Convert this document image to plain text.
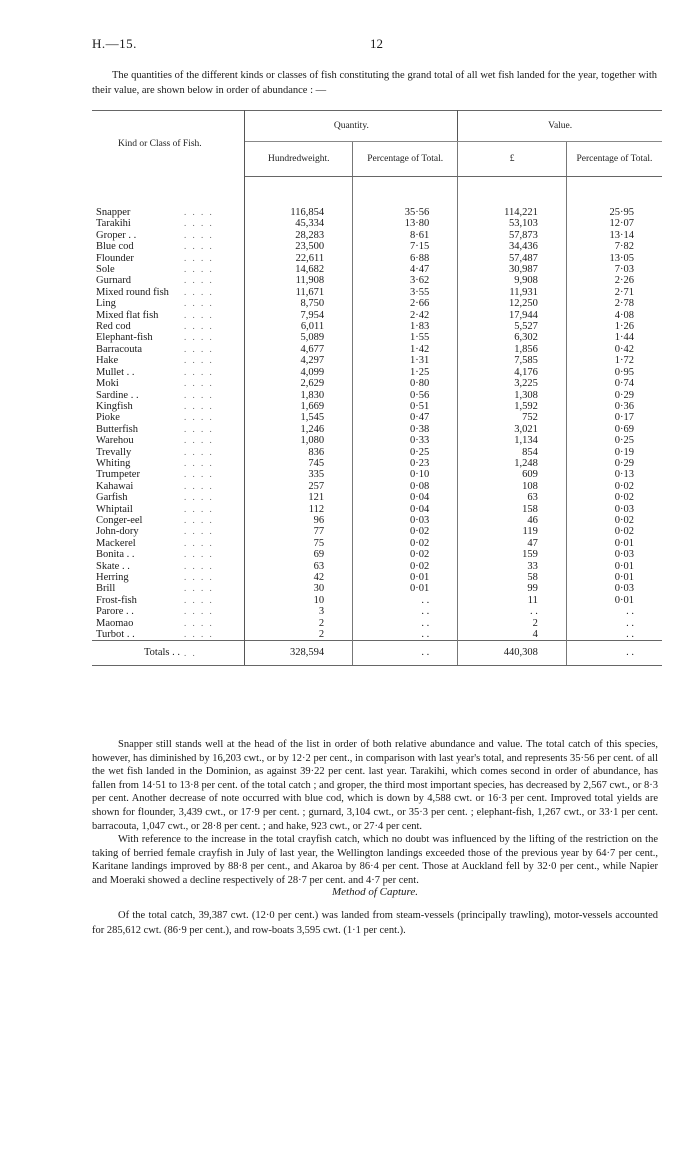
H.—15.	12

The quantities of the different kinds or classes of fish constituting the grand total of all wet fish landed for the year, together with their value, are shown below in order of abundance : —

Kind or Class of Fish.	Quantity.		Value.	
	Hundredweight.	Percentage of Total.	£	Percentage of Total.
Snapper . . . .	116,854	35·56	114,221	25·95
Tarakihi . . . .	45,334	13·80	53,103	12·07
Groper . . . . . .	28,283	8·61	57,873	13·14
Blue cod . . . .	23,500	7·15	34,436	7·82
Flounder . . . .	22,611	6·88	57,487	13·05
Sole . . . .	14,682	4·47	30,987	7·03
Gurnard . . . .	11,908	3·62	9,908	2·26
Mixed round fish . . . .	11,671	3·55	11,931	2·71
Ling . . . .	8,750	2·66	12,250	2·78
Mixed flat fish . . . .	7,954	2·42	17,944	4·08
Red cod . . . .	6,011	1·83	5,527	1·26
Elephant-fish . . . .	5,089	1·55	6,302	1·44
Barracouta . . . .	4,677	1·42	1,856	0·42
Hake . . . .	4,297	1·31	7,585	1·72
Mullet . . . . . .	4,099	1·25	4,176	0·95
Moki . . . .	2,629	0·80	3,225	0·74
Sardine . . . . . .	1,830	0·56	1,308	0·29
Kingfish . . . .	1,669	0·51	1,592	0·36
Pioke . . . .	1,545	0·47	752	0·17
Butterfish . . . .	1,246	0·38	3,021	0·69
Warehou . . . .	1,080	0·33	1,134	0·25
Trevally . . . .	836	0·25	854	0·19
Whiting . . . .	745	0·23	1,248	0·29
Trumpeter . . . .	335	0·10	609	0·13
Kahawai . . . .	257	0·08	108	0·02
Garfish . . . .	121	0·04	63	0·02
Whiptail . . . .	112	0·04	158	0·03
Conger-eel . . . .	96	0·03	46	0·02
John-dory . . . .	77	0·02	119	0·02
Mackerel . . . .	75	0·02	47	0·01
Bonita . . . . . .	69	0·02	159	0·03
Skate . . . . . .	63	0·02	33	0·01
Herring . . . .	42	0·01	58	0·01
Brill . . . .	30	0·01	99	0·03
Frost-fish . . . .	10	. .	11	0·01
Parore . . . . . .	3	. .	. .	. .
Maomao . . . .	2	. .	2	. .
Turbot . . . . . .	2	. .	4	. .
Totals . . . .	328,594	. .	440,308	. .

Snapper still stands well at the head of the list in order of both relative abundance and value. The total catch of this species, however, has diminished by 16,203 cwt., or by 12·2 per cent., in comparison with last year's total, and represents 35·56 per cent. of all the wet fish landed in the Dominion, as against 39·22 per cent. last year. Tarakihi, which comes second in order of abundance, has fallen from 14·51 to 13·8 per cent. of the total catch ; and groper, the third most important species, has decreased by 2,567 cwt., or 8·3 per cent. Another decrease of note occurred with blue cod, which is down by 4,588 cwt. or 16·3 per cent. Improved total yields are shown for flounder, 3,439 cwt., or 17·9 per cent. ; gurnard, 3,104 cwt., or 35·3 per cent. ; elephant-fish, 1,267 cwt., or 33·1 per cent. barracouta, 1,047 cwt., or 28·8 per cent. ; and hake, 923 cwt., or 27·4 per cent.

With reference to the increase in the total crayfish catch, which no doubt was influenced by the lifting of the restriction on the taking of berried female crayfish in July of last year, the Wellington landings exceeded those of the previous year by 64·7 per cent., Karitane landings improved by 88·8 per cent., and Akaroa by 86·4 per cent. Those at Auckland fell by 32·0 per cent., while Napier and Moeraki showed a decline respectively of 28·7 per cent. and 4·7 per cent.

Method of Capture.

Of the total catch, 39,387 cwt. (12·0 per cent.) was landed from steam-vessels (principally trawling), motor-vessels accounted for 285,612 cwt. (86·9 per cent.), and row-boats 3,595 cwt. (1·1 per cent.).
